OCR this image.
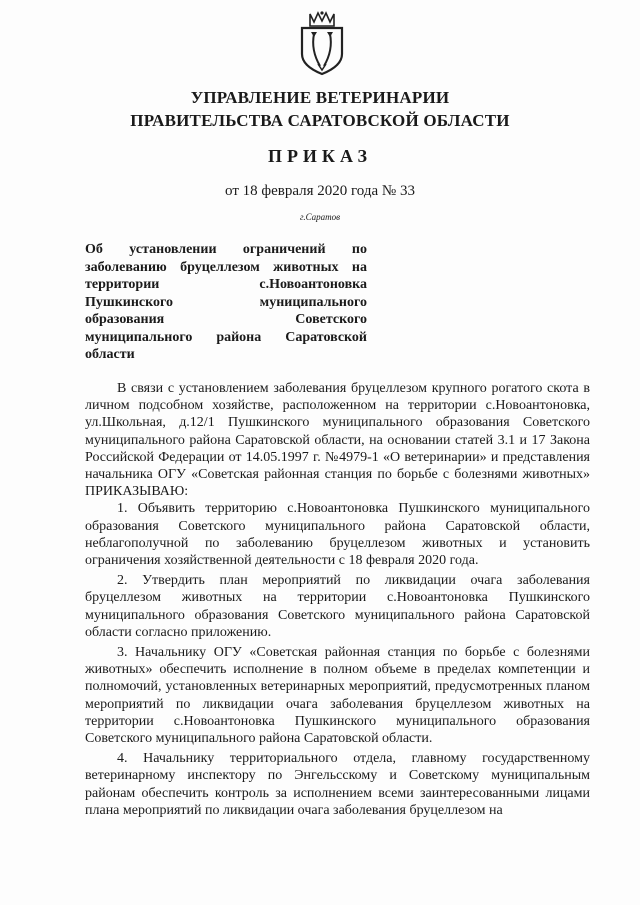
УПРАВЛЕНИЕ ВЕТЕРИНАРИИ
ПРАВИТЕЛЬСТВА САРАТОВСКОЙ ОБЛАСТИ
ПРИКАЗ
от 18 февраля 2020 года № 33
г.Саратов
Об установлении ограничений по
заболеванию бруцеллезом животных на
территории с.Новоантоновка
Пушкинского муниципального
образования Советского
муниципального района Саратовской
области

В связи с установлением заболевания бруцеллезом крупного рогатого скота в личном подсобном хозяйстве, расположенном на территории с.Новоантоновка, ул.Школьная, д.12/1 Пушкинского муниципального образования Советского муниципального района Саратовской области, на основании статей 3.1 и 17 Закона Российской Федерации от 14.05.1997 г. №4979-1 «О ветеринарии» и представления начальника ОГУ «Советская районная станция по борьбе с болезнями животных» ПРИКАЗЫВАЮ:

1. Объявить территорию с.Новоантоновка Пушкинского муниципального образования Советского муниципального района Саратовской области, неблагополучной по заболеванию бруцеллезом животных и установить ограничения хозяйственной деятельности с 18 февраля 2020 года.

2. Утвердить план мероприятий по ликвидации очага заболевания бруцеллезом животных на территории с.Новоантоновка Пушкинского муниципального образования Советского муниципального района Саратовской области согласно приложению.

3. Начальнику ОГУ «Советская районная станция по борьбе с болезнями животных» обеспечить исполнение в полном объеме в пределах компетенции и полномочий, установленных ветеринарных мероприятий, предусмотренных планом мероприятий по ликвидации очага заболевания бруцеллезом животных на территории с.Новоантоновка Пушкинского муниципального образования Советского муниципального района Саратовской области.

4. Начальнику территориального отдела, главному государственному ветеринарному инспектору по Энгельсскому и Советскому муниципальным районам обеспечить контроль за исполнением всеми заинтересованными лицами плана мероприятий по ликвидации очага заболевания бруцеллезом на
